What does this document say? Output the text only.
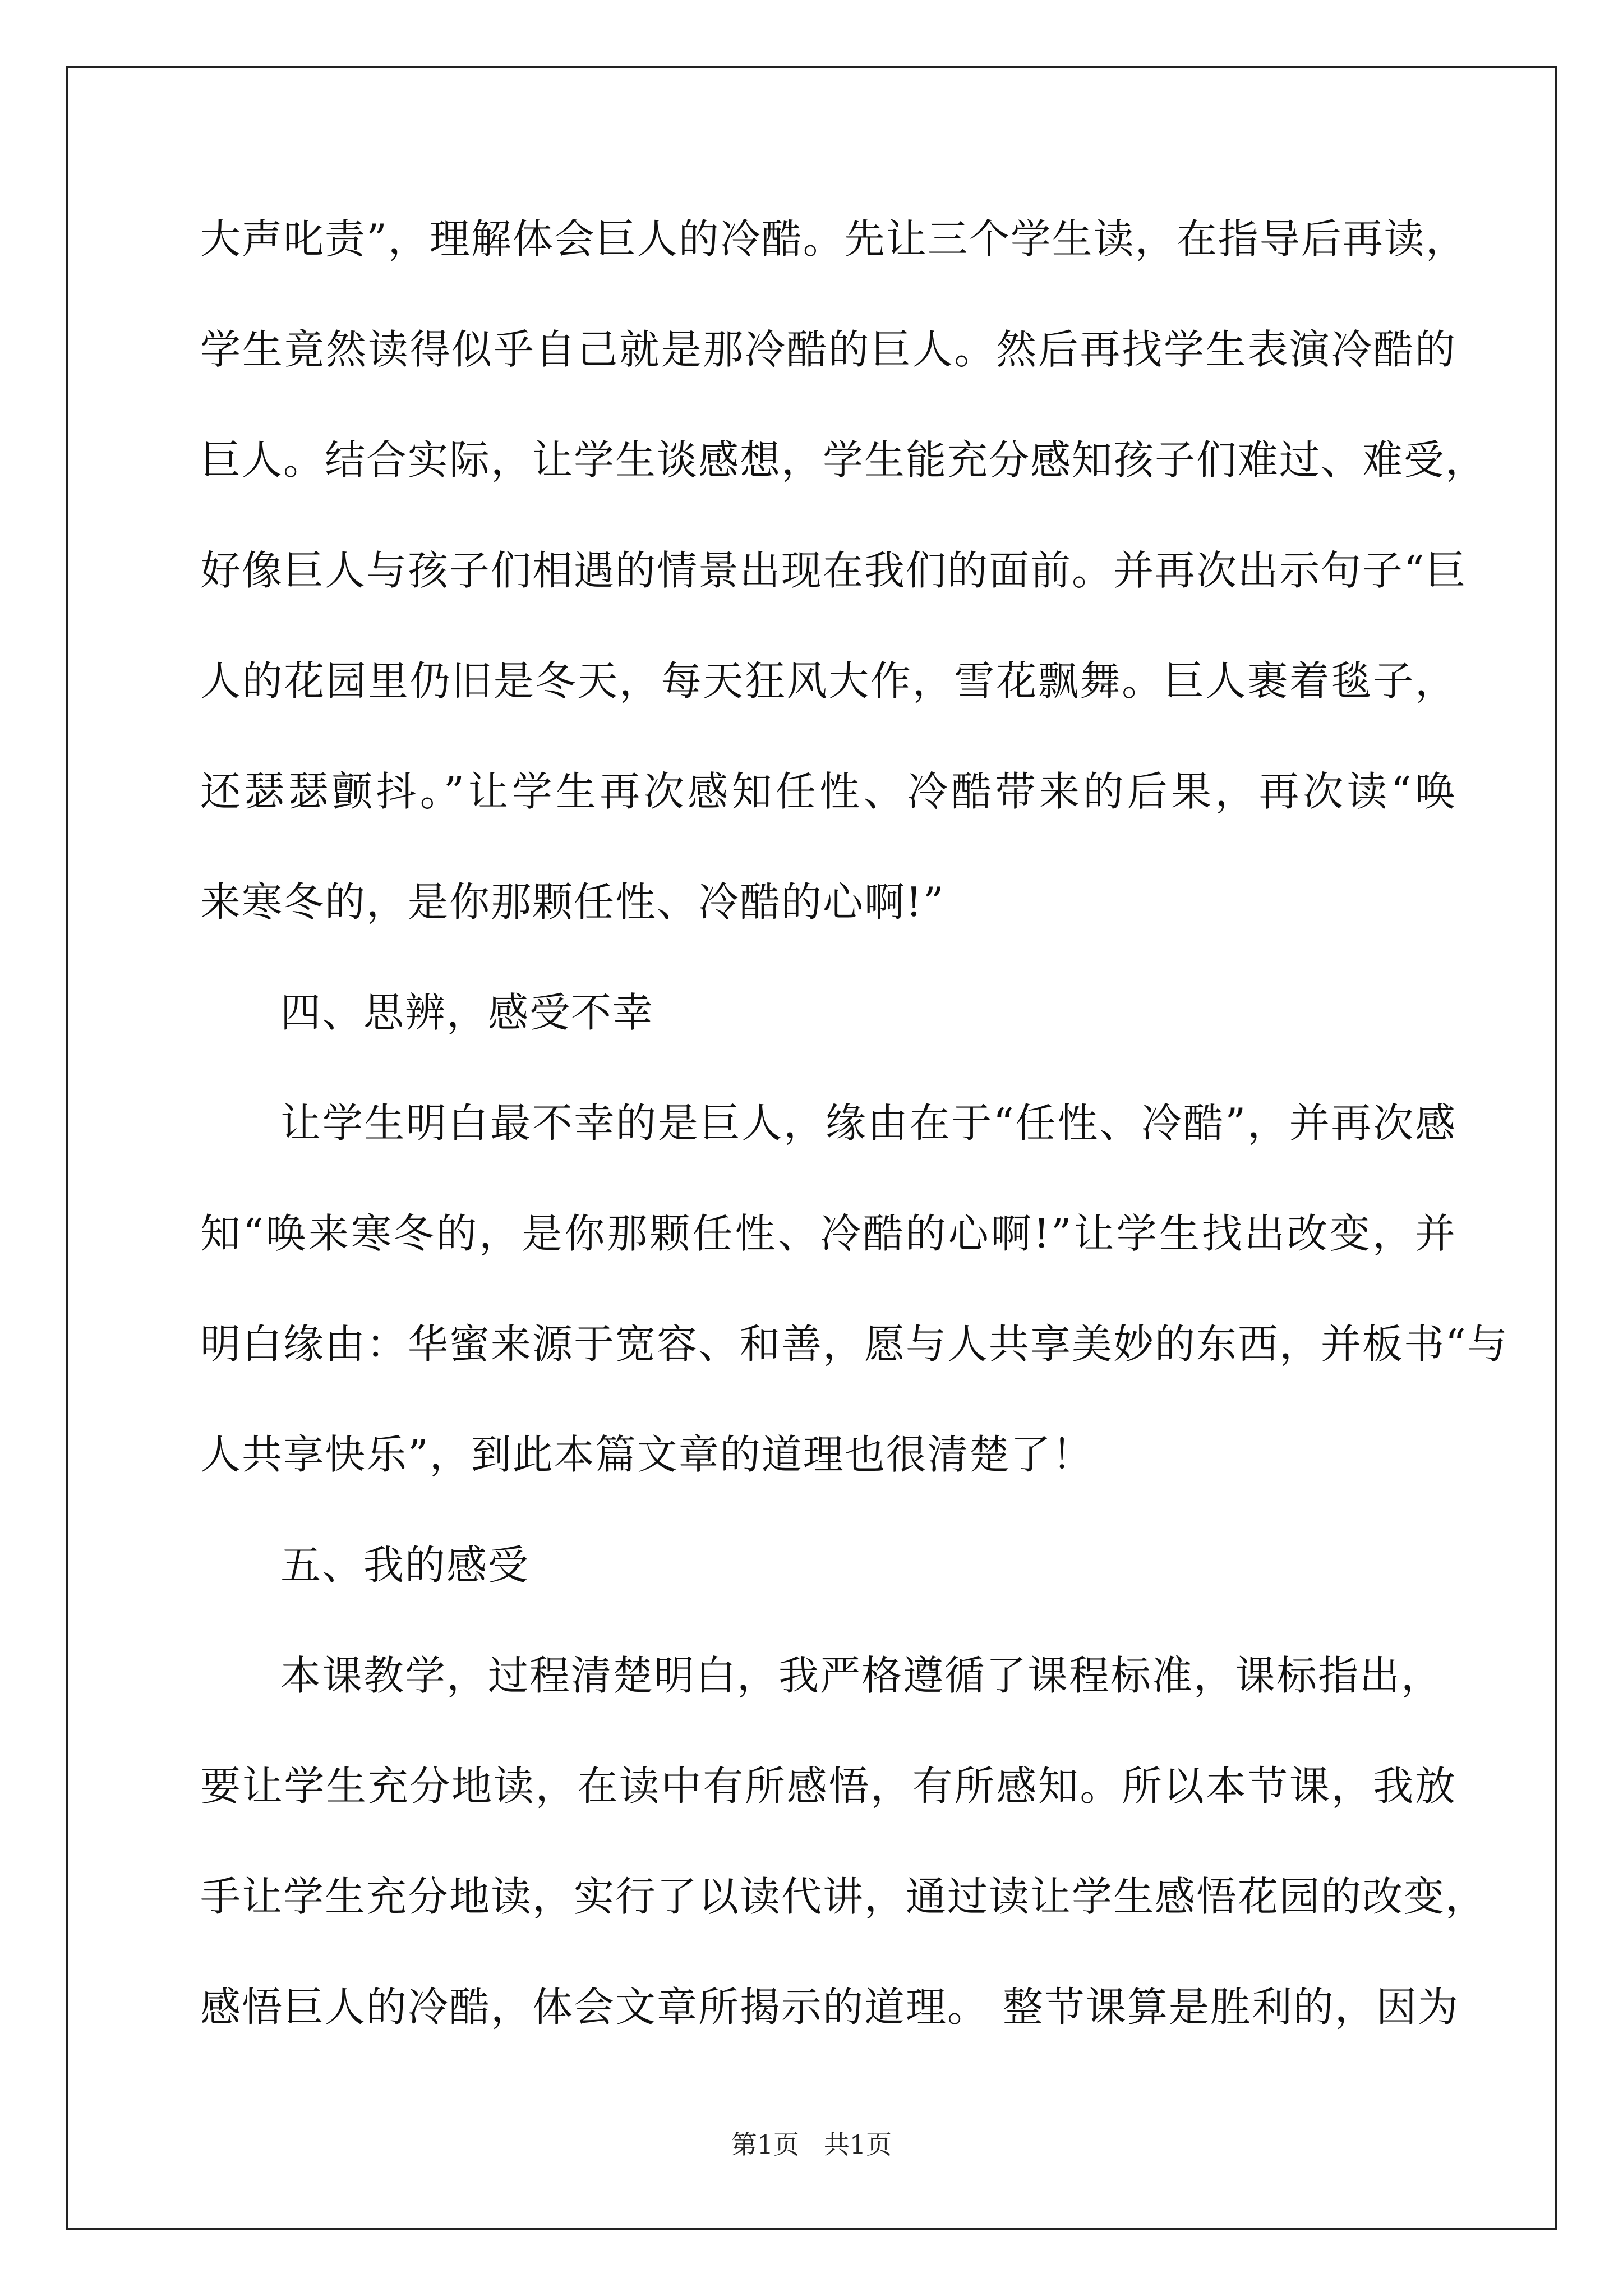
大声叱责”，理解体会巨人的冷酷。先让三个学生读，在指导后再读，
学生竟然读得似乎自己就是那冷酷的巨人。然后再找学生表演冷酷的
巨人。结合实际，让学生谈感想，学生能充分感知孩子们难过、难受，
好像巨人与孩子们相遇的情景出现在我们的面前。并再次出示句子“巨
人的花园里仍旧是冬天，每天狂风大作，雪花飘舞。巨人裹着毯子，
还瑟瑟颤抖。”让学生再次感知任性、冷酷带来的后果，再次读“唤
来寒冬的，是你那颗任性、冷酷的心啊!”
四、思辨，感受不幸
让学生明白最不幸的是巨人，缘由在于“任性、冷酷”，并再次感
知“唤来寒冬的，是你那颗任性、冷酷的心啊!”让学生找出改变，并
明白缘由：华蜜来源于宽容、和善，愿与人共享美妙的东西，并板书“与
人共享快乐”，到此本篇文章的道理也很清楚了！
五、我的感受
本课教学，过程清楚明白，我严格遵循了课程标准，课标指出，
要让学生充分地读，在读中有所感悟，有所感知。所以本节课，我放
手让学生充分地读，实行了以读代讲，通过读让学生感悟花园的改变，
感悟巨人的冷酷，体会文章所揭示的道理。 整节课算是胜利的，因为
第1页   共1页
